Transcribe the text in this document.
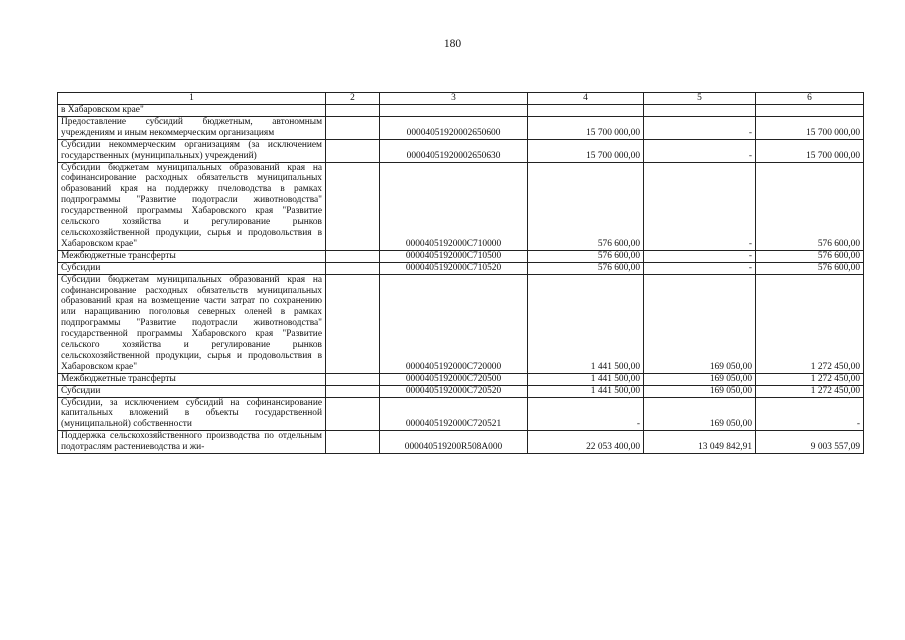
180
1	2	3	4	5	6
в Хабаровском крае"					
Предоставление субсидий бюджетным, автономным учреждениям и иным некоммерческим организациям		0000405192000265060​0	15 700 000,00	-	15 700 000,00
Субсидии некоммерческим организациям (за исключением государственных (муниципальных) учреждений)		00004051920002650630	15 700 000,00	-	15 700 000,00
Субсидии бюджетам муниципальных образований края на софинансирование расходных обязательств муниципальных образований края на поддержку пчеловодства в рамках подпрограммы "Развитие подотрасли животноводства" государственной программы Хабаровского края "Развитие сельского хозяйства и регулирование рынков сельскохозяйственной продукции, сырья и продовольствия в Хабаровском крае"		0000405192000C710000	576 600,00	-	576 600,00
Межбюджетные трансферты		0000405192000C710500	576 600,00	-	576 600,00
Субсидии		0000405192000C710520	576 600,00	-	576 600,00
Субсидии бюджетам муниципальных образований края на софинансирование расходных обязательств муниципальных образований края на возмещение части затрат по сохранению или наращиванию поголовья северных оленей в рамках подпрограммы "Развитие подотрасли животноводства" государственной программы Хабаровского края "Развитие сельского хозяйства и регулирование рынков сельскохозяйственной продукции, сырья и продовольствия в Хабаровском крае"		0000405192000C720000	1 441 500,00	169 050,00	1 272 450,00
Межбюджетные трансферты		0000405192000C720500	1 441 500,00	169 050,00	1 272 450,00
Субсидии		0000405192000C720520	1 441 500,00	169 050,00	1 272 450,00
Субсидии, за исключением субсидий на софинансирование капитальных вложений в объекты государственной (муниципальной) собственности		0000405192000C720521	-	169 050,00	-
Поддержка сельскохозяйственного производства по отдельным подотраслям растениеводства и жи-		000040519200R508A000	22 053 400,00	13 049 842,91	9 003 557,09
